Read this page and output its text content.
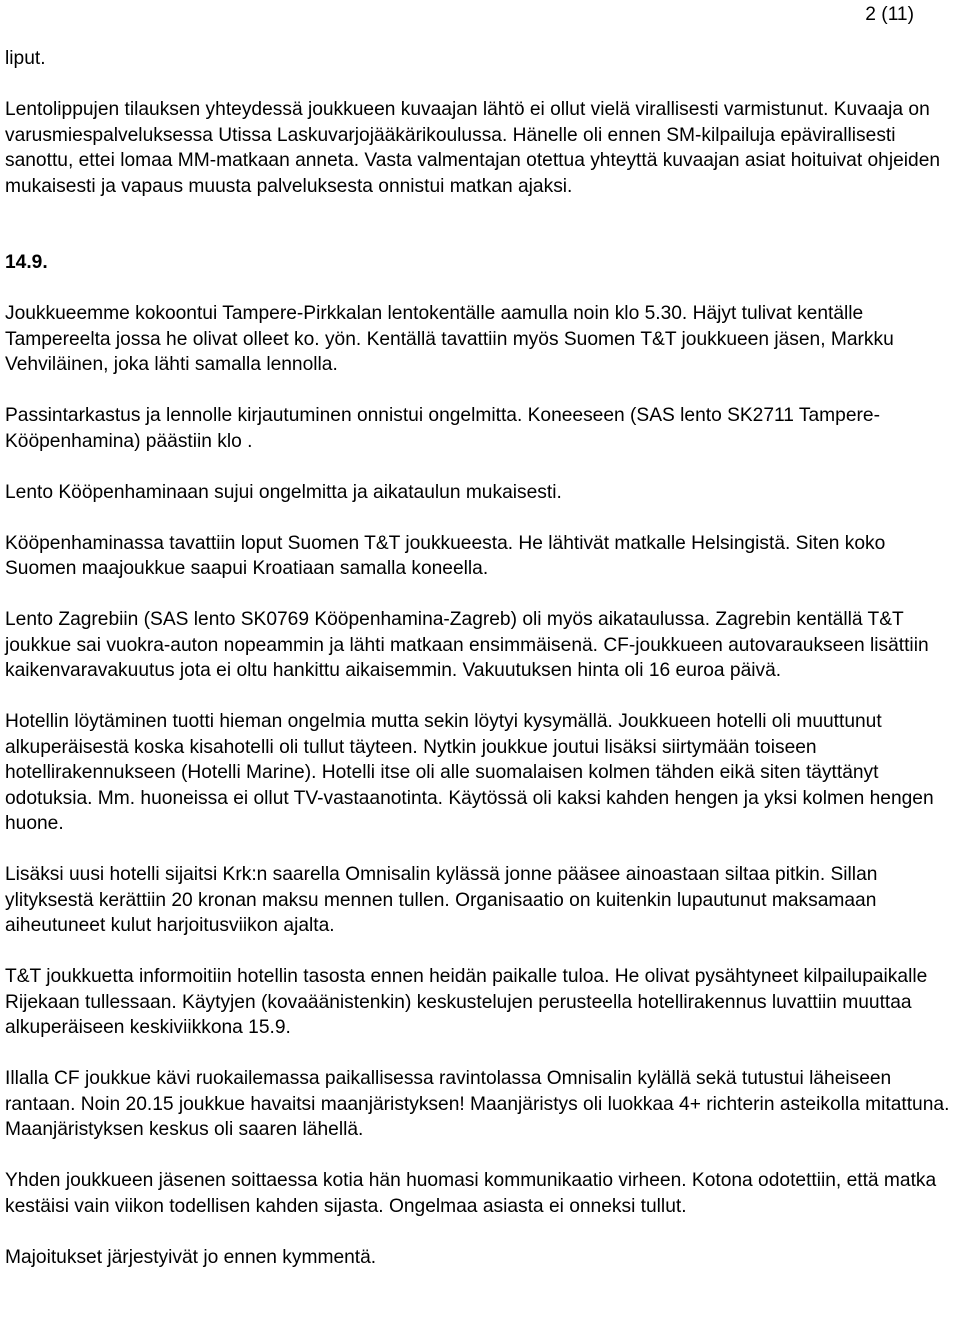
2 (11)

liput.

Lentolippujen tilauksen yhteydessä joukkueen kuvaajan lähtö ei ollut vielä virallisesti varmistunut. Kuvaaja on varusmiespalveluksessa Utissa Laskuvarjojääkärikoulussa. Hänelle oli ennen SM-kilpailuja epävirallisesti sanottu, ettei lomaa MM-matkaan anneta. Vasta valmentajan otettua yhteyttä kuvaajan asiat hoituivat ohjeiden mukaisesti ja vapaus muusta palveluksesta onnistui matkan ajaksi.

14.9.

Joukkueemme kokoontui Tampere-Pirkkalan lentokentälle aamulla noin klo 5.30. Häjyt tulivat kentälle Tampereelta jossa he olivat olleet ko. yön. Kentällä tavattiin myös Suomen T&T joukkueen jäsen, Markku Vehviläinen, joka lähti samalla lennolla.

Passintarkastus ja lennolle kirjautuminen onnistui ongelmitta. Koneeseen (SAS lento SK2711 Tampere-Kööpenhamina) päästiin klo .

Lento Kööpenhaminaan sujui ongelmitta ja aikataulun mukaisesti.

Kööpenhaminassa tavattiin loput Suomen T&T joukkueesta. He lähtivät matkalle Helsingistä. Siten koko Suomen maajoukkue saapui Kroatiaan samalla koneella.

Lento Zagrebiin (SAS lento SK0769 Kööpenhamina-Zagreb) oli myös aikataulussa. Zagrebin kentällä T&T joukkue sai vuokra-auton nopeammin ja lähti matkaan ensimmäisenä. CF-joukkueen autovaraukseen lisättiin kaikenvaravakuutus jota ei oltu hankittu aikaisemmin. Vakuutuksen hinta oli 16 euroa päivä.

Hotellin löytäminen tuotti hieman ongelmia mutta sekin löytyi kysymällä. Joukkueen hotelli oli muuttunut alkuperäisestä koska kisahotelli oli tullut täyteen. Nytkin joukkue joutui lisäksi siirtymään toiseen hotellirakennukseen (Hotelli Marine). Hotelli itse oli alle suomalaisen kolmen tähden eikä siten täyttänyt odotuksia. Mm. huoneissa ei ollut TV-vastaanotinta. Käytössä oli kaksi kahden hengen ja yksi kolmen hengen huone.

Lisäksi uusi hotelli sijaitsi Krk:n saarella Omnisalin kylässä jonne pääsee ainoastaan siltaa pitkin. Sillan ylityksestä kerättiin 20 kronan maksu mennen tullen. Organisaatio on kuitenkin lupautunut maksamaan aiheutuneet kulut harjoitusviikon ajalta.

T&T joukkuetta informoitiin hotellin tasosta ennen heidän paikalle tuloa. He olivat pysähtyneet kilpailupaikalle Rijekaan tullessaan. Käytyjen (kovaäänistenkin) keskustelujen perusteella hotellirakennus luvattiin muuttaa alkuperäiseen keskiviikkona 15.9.

Illalla CF joukkue kävi ruokailemassa paikallisessa ravintolassa Omnisalin kylällä sekä tutustui läheiseen rantaan. Noin 20.15 joukkue havaitsi maanjäristyksen! Maanjäristys oli luokkaa 4+ richterin asteikolla mitattuna. Maanjäristyksen keskus oli saaren lähellä.

Yhden joukkueen jäsenen soittaessa kotia hän huomasi kommunikaatio virheen. Kotona odotettiin, että matka kestäisi vain viikon todellisen kahden sijasta. Ongelmaa asiasta ei onneksi tullut.

Majoitukset järjestyivät jo ennen kymmentä.
